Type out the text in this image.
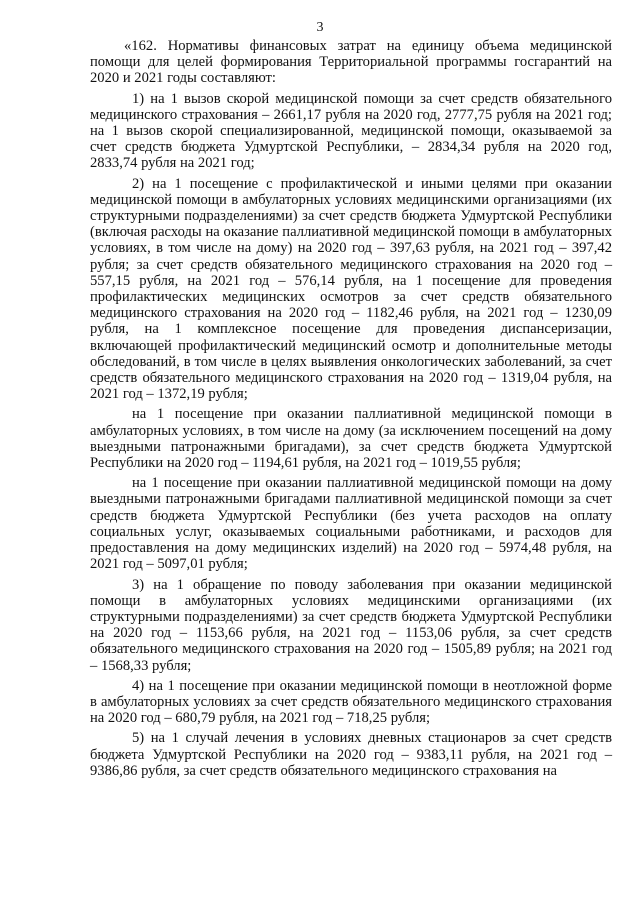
3

«162. Нормативы финансовых затрат на единицу объема медицинской помощи для целей формирования Территориальной программы госгарантий на 2020 и 2021 годы составляют:

1) на 1 вызов скорой медицинской помощи за счет средств обязательного медицинского страхования – 2661,17 рубля на 2020 год, 2777,75 рубля на 2021 год; на 1 вызов скорой специализированной, медицинской помощи, оказываемой за счет средств бюджета Удмуртской Республики, – 2834,34 рубля на 2020 год, 2833,74 рубля на 2021 год;

2) на 1 посещение с профилактической и иными целями при оказании медицинской помощи в амбулаторных условиях медицинскими организациями (их структурными подразделениями) за счет средств бюджета Удмуртской Республики (включая расходы на оказание паллиативной медицинской помощи в амбулаторных условиях, в том числе на дому) на 2020 год – 397,63 рубля, на 2021 год – 397,42 рубля; за счет средств обязательного медицинского страхования на 2020 год – 557,15 рубля, на 2021 год – 576,14 рубля, на 1 посещение для проведения профилактических медицинских осмотров за счет средств обязательного медицинского страхования на 2020 год – 1182,46 рубля, на 2021 год – 1230,09 рубля, на 1 комплексное посещение для проведения диспансеризации, включающей профилактический медицинский осмотр и дополнительные методы обследований, в том числе в целях выявления онкологических заболеваний, за счет средств обязательного медицинского страхования на 2020 год – 1319,04 рубля, на 2021 год – 1372,19 рубля;

на 1 посещение при оказании паллиативной медицинской помощи в амбулаторных условиях, в том числе на дому (за исключением посещений на дому выездными патронажными бригадами), за счет средств бюджета Удмуртской Республики на 2020 год – 1194,61 рубля, на 2021 год – 1019,55 рубля;

на 1 посещение при оказании паллиативной медицинской помощи на дому выездными патронажными бригадами паллиативной медицинской помощи за счет средств бюджета Удмуртской Республики (без учета расходов на оплату социальных услуг, оказываемых социальными работниками, и расходов для предоставления на дому медицинских изделий) на 2020 год – 5974,48 рубля, на 2021 год – 5097,01 рубля;

3) на 1 обращение по поводу заболевания при оказании медицинской помощи в амбулаторных условиях медицинскими организациями (их структурными подразделениями) за счет средств бюджета Удмуртской Республики на 2020 год – 1153,66 рубля, на 2021 год – 1153,06 рубля, за счет средств обязательного медицинского страхования на 2020 год – 1505,89 рубля; на 2021 год – 1568,33 рубля;

4) на 1 посещение при оказании медицинской помощи в неотложной форме в амбулаторных условиях за счет средств обязательного медицинского страхования на 2020 год – 680,79 рубля, на 2021 год – 718,25 рубля;

5) на 1 случай лечения в условиях дневных стационаров за счет средств бюджета Удмуртской Республики на 2020 год – 9383,11 рубля, на 2021 год – 9386,86 рубля, за счет средств обязательного медицинского страхования на
